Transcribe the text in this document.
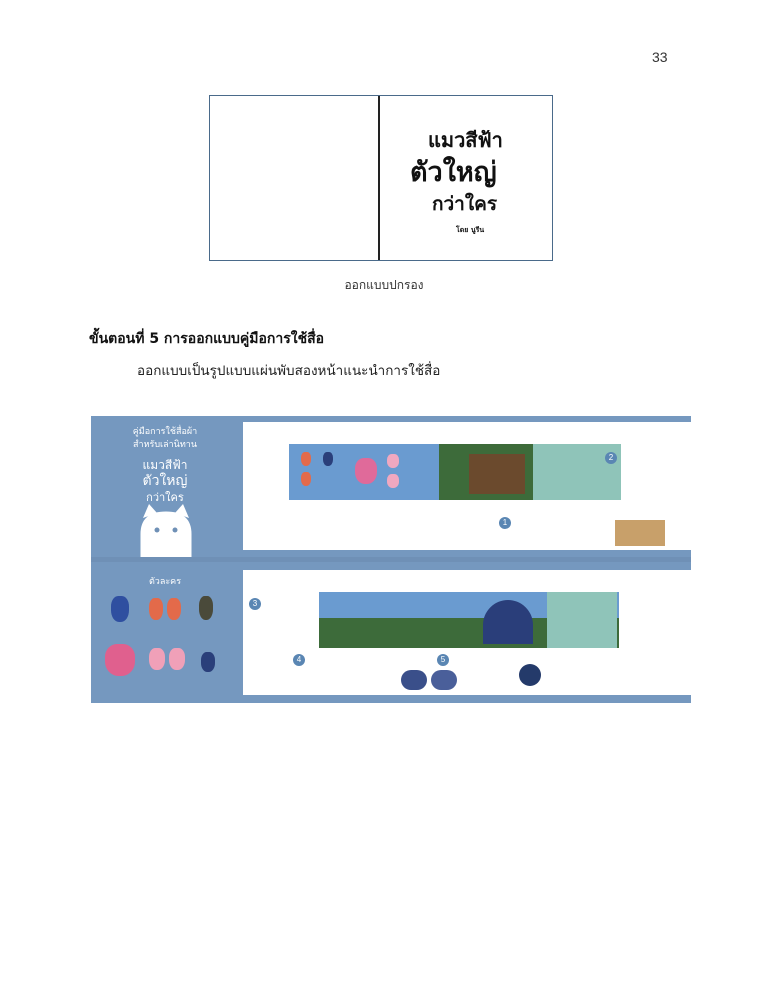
33
แมวสีฟ้า
ตัวใหญ่
กว่าใคร
โดย นูรีน
ออกแบบปกรอง
ขั้นตอนที่ 5 การออกแบบคู่มือการใช้สื่อ
ออกแบบเป็นรูปแบบแผ่นพับสองหน้าแนะนำการใช้สื่อ
คู่มือการใช้สื่อผ้า
สำหรับเล่านิทาน
แมวสีฟ้า
ตัวใหญ่
กว่าใคร
1
2
ตัวละคร
3
4	5
